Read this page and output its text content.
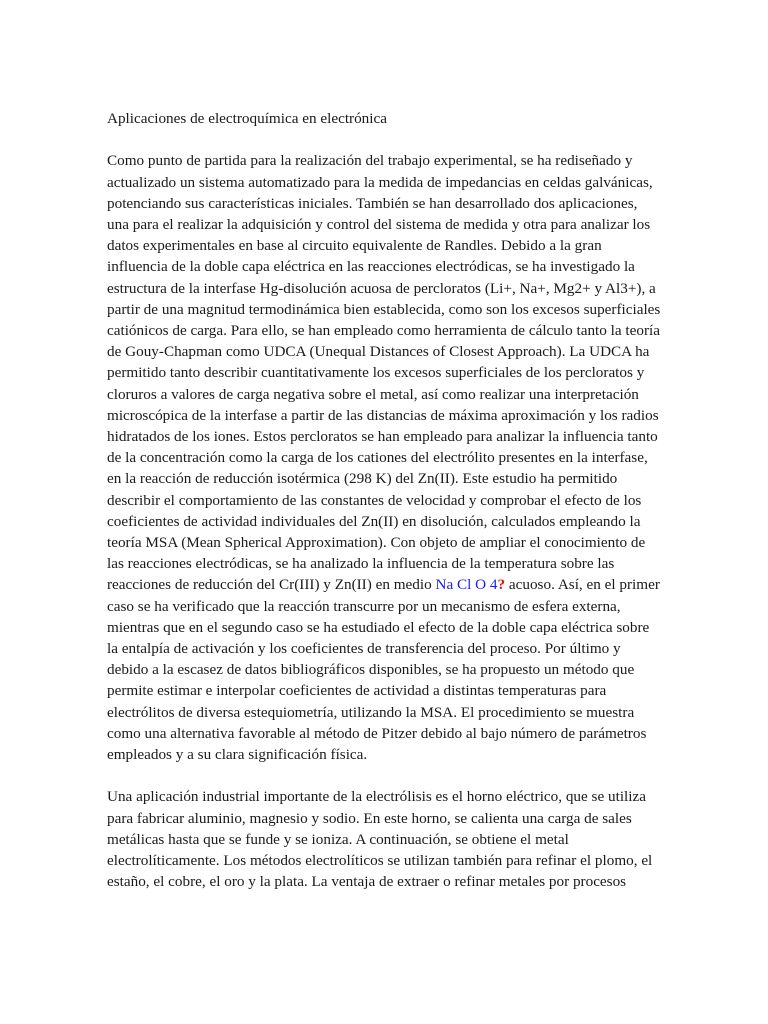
Aplicaciones de electroquímica en electrónica

Como punto de partida para la realización del trabajo experimental, se ha rediseñado y actualizado un sistema automatizado para la medida de impedancias en celdas galvánicas, potenciando sus características iniciales. También se han desarrollado dos aplicaciones, una para el realizar la adquisición y control del sistema de medida y otra para analizar los datos experimentales en base al circuito equivalente de Randles. Debido a la gran influencia de la doble capa eléctrica en las reacciones electródicas, se ha investigado la estructura de la interfase Hg-disolución acuosa de percloratos (Li+, Na+, Mg2+ y Al3+), a partir de una magnitud termodinámica bien establecida, como son los excesos superficiales catiónicos de carga. Para ello, se han empleado como herramienta de cálculo tanto la teoría de Gouy-Chapman como UDCA (Unequal Distances of Closest Approach). La UDCA ha permitido tanto describir cuantitativamente los excesos superficiales de los percloratos y cloruros a valores de carga negativa sobre el metal, así como realizar una interpretación microscópica de la interfase a partir de las distancias de máxima aproximación y los radios hidratados de los iones. Estos percloratos se han empleado para analizar la influencia tanto de la concentración como la carga de los cationes del electrólito presentes en la interfase, en la reacción de reducción isotérmica (298 K) del Zn(II). Este estudio ha permitido describir el comportamiento de las constantes de velocidad y comprobar el efecto de los coeficientes de actividad individuales del Zn(II) en disolución, calculados empleando la teoría MSA (Mean Spherical Approximation). Con objeto de ampliar el conocimiento de las reacciones electródicas, se ha analizado la influencia de la temperatura sobre las reacciones de reducción del Cr(III) y Zn(II) en medio Na Cl O 4? acuoso. Así, en el primer caso se ha verificado que la reacción transcurre por un mecanismo de esfera externa, mientras que en el segundo caso se ha estudiado el efecto de la doble capa eléctrica sobre la entalpía de activación y los coeficientes de transferencia del proceso. Por último y debido a la escasez de datos bibliográficos disponibles, se ha propuesto un método que permite estimar e interpolar coeficientes de actividad a distintas temperaturas para electrólitos de diversa estequiometría, utilizando la MSA. El procedimiento se muestra como una alternativa favorable al método de Pitzer debido al bajo número de parámetros empleados y a su clara significación física.

Una aplicación industrial importante de la electrólisis es el horno eléctrico, que se utiliza para fabricar aluminio, magnesio y sodio. En este horno, se calienta una carga de sales metálicas hasta que se funde y se ioniza. A continuación, se obtiene el metal electrolíticamente. Los métodos electrolíticos se utilizan también para refinar el plomo, el estaño, el cobre, el oro y la plata. La ventaja de extraer o refinar metales por procesos
